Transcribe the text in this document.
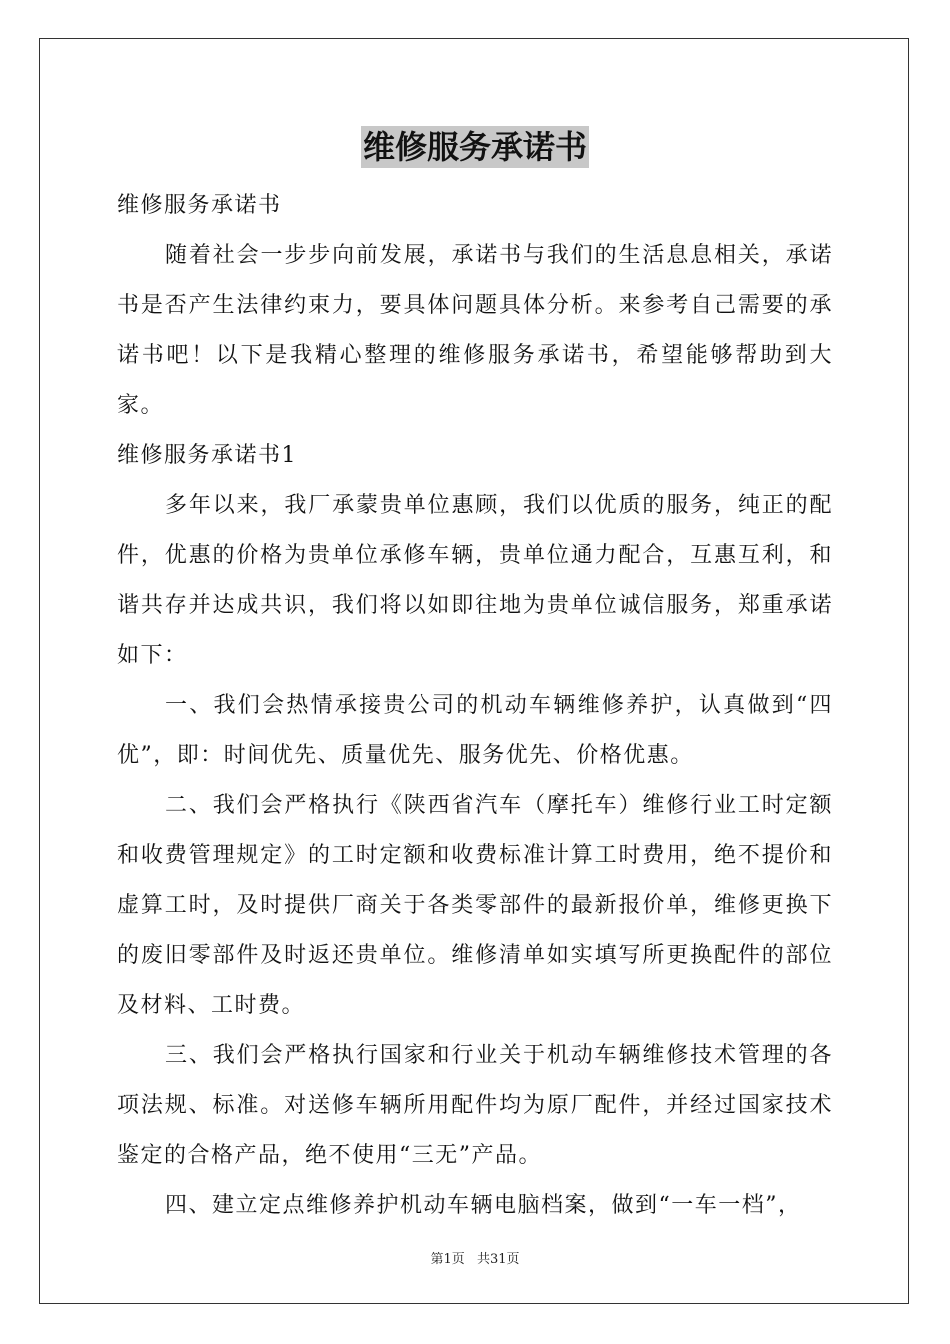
维修服务承诺书

维修服务承诺书

随着社会一步步向前发展，承诺书与我们的生活息息相关，承诺书是否产生法律约束力，要具体问题具体分析。来参考自己需要的承诺书吧！以下是我精心整理的维修服务承诺书，希望能够帮助到大家。

维修服务承诺书1

多年以来，我厂承蒙贵单位惠顾，我们以优质的服务，纯正的配件，优惠的价格为贵单位承修车辆，贵单位通力配合，互惠互利，和谐共存并达成共识，我们将以如即往地为贵单位诚信服务，郑重承诺如下：

一、我们会热情承接贵公司的机动车辆维修养护，认真做到“四优”，即：时间优先、质量优先、服务优先、价格优惠。

二、我们会严格执行《陕西省汽车（摩托车）维修行业工时定额和收费管理规定》的工时定额和收费标准计算工时费用，绝不提价和虚算工时，及时提供厂商关于各类零部件的最新报价单，维修更换下的废旧零部件及时返还贵单位。维修清单如实填写所更换配件的部位及材料、工时费。

三、我们会严格执行国家和行业关于机动车辆维修技术管理的各项法规、标准。对送修车辆所用配件均为原厂配件，并经过国家技术鉴定的合格产品，绝不使用“三无”产品。

四、建立定点维修养护机动车辆电脑档案，做到“一车一档”，

第1页 共31页
